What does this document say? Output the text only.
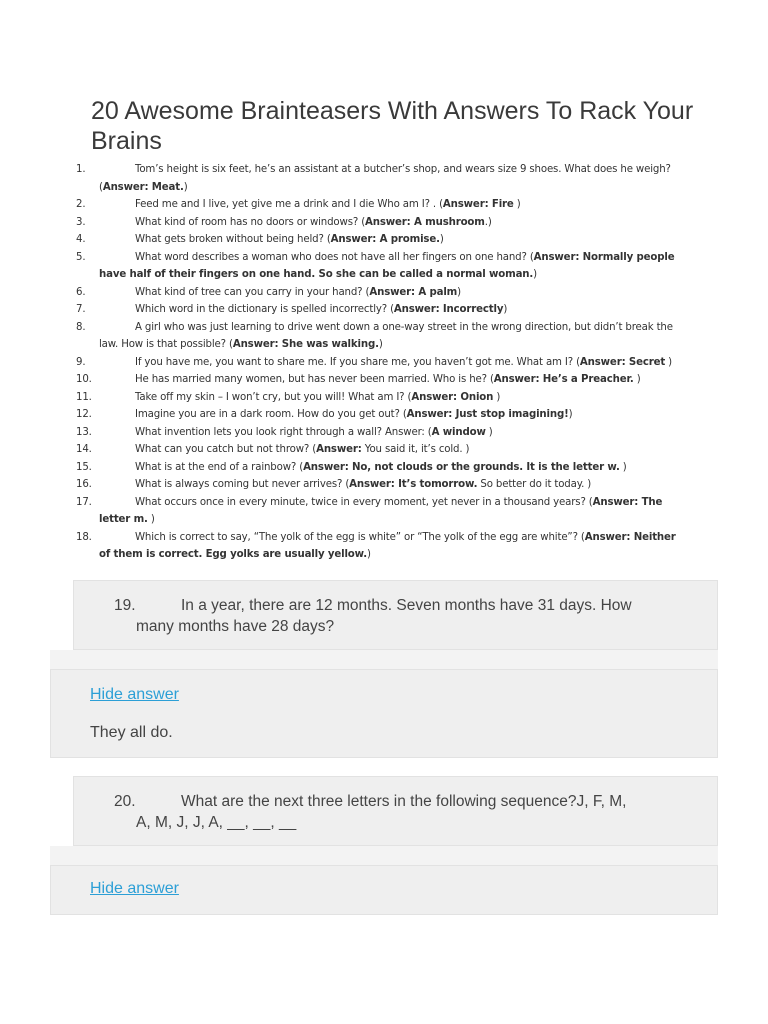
20 Awesome Brainteasers With Answers To Rack Your Brains
1.	Tom’s height is six feet, he’s an assistant at a butcher’s shop, and wears size 9 shoes. What does he weigh? (Answer: Meat.)
2.	Feed me and I live, yet give me a drink and I die Who am I? . (Answer: Fire )
3.	What kind of room has no doors or windows? (Answer: A mushroom.)
4.	What gets broken without being held? (Answer: A promise.)
5.	What word describes a woman who does not have all her fingers on one hand? (Answer: Normally people have half of their fingers on one hand. So she can be called a normal woman.)
6.	What kind of tree can you carry in your hand? (Answer: A palm)
7.	Which word in the dictionary is spelled incorrectly? (Answer: Incorrectly)
8.	A girl who was just learning to drive went down a one-way street in the wrong direction, but didn’t break the law. How is that possible? (Answer: She was walking.)
9.	If you have me, you want to share me. If you share me, you haven’t got me. What am I? (Answer: Secret )
10.	He has married many women, but has never been married. Who is he? (Answer: He’s a Preacher. )
11.	Take off my skin – I won’t cry, but you will! What am I? (Answer: Onion )
12.	Imagine you are in a dark room. How do you get out? (Answer: Just stop imagining!)
13.	What invention lets you look right through a wall? Answer: (A window )
14.	What can you catch but not throw? (Answer: You said it, it’s cold. )
15.	What is at the end of a rainbow? (Answer: No, not clouds or the grounds. It is the letter w. )
16.	What is always coming but never arrives? (Answer: It’s tomorrow. So better do it today. )
17.	What occurs once in every minute, twice in every moment, yet never in a thousand years? (Answer: The letter m. )
18.	Which is correct to say, “The yolk of the egg is white” or “The yolk of the egg are white”? (Answer: Neither of them is correct. Egg yolks are usually yellow.)
19.	In a year, there are 12 months. Seven months have 31 days. How
many months have 28 days?
Hide answer
They all do.
20.	What are the next three letters in the following sequence?J, F, M,
A, M, J, J, A, __, __, __
Hide answer
